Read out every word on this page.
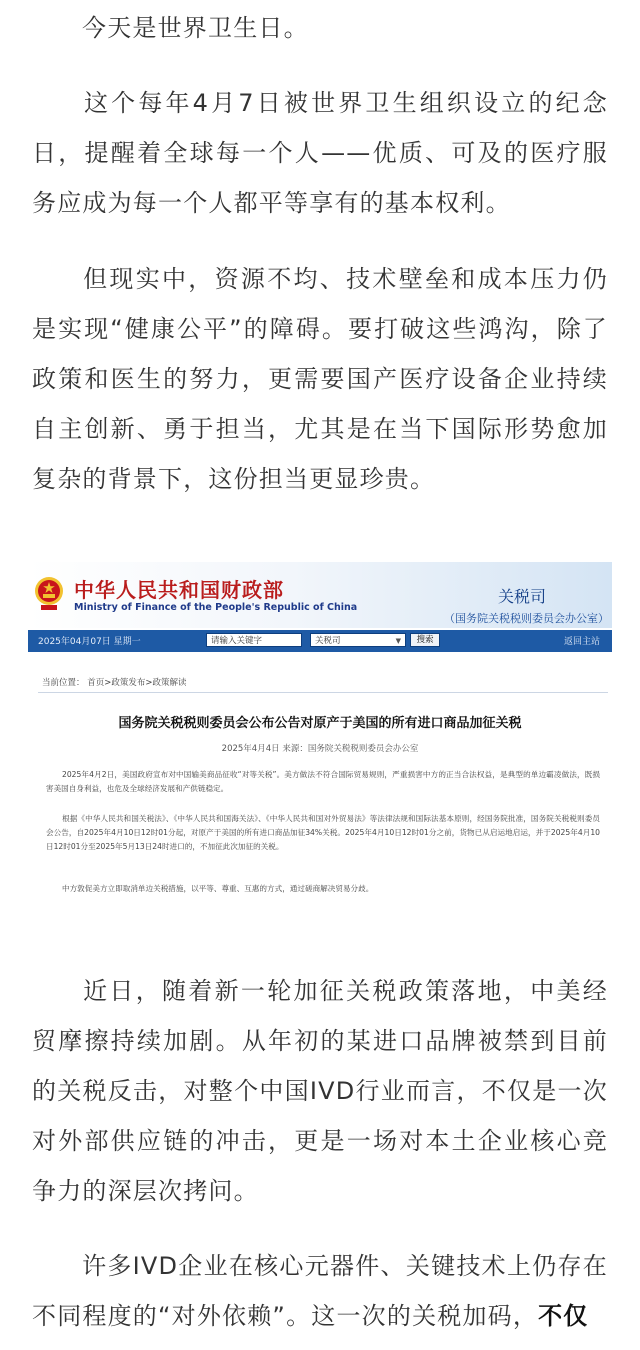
今天是世界卫生日。

这个每年4月7日被世界卫生组织设立的纪念日，提醒着全球每一个人——优质、可及的医疗服务应成为每一个人都平等享有的基本权利。

但现实中，资源不均、技术壁垒和成本压力仍是实现“健康公平”的障碍。要打破这些鸿沟，除了政策和医生的努力，更需要国产医疗设备企业持续自主创新、勇于担当，尤其是在当下国际形势愈加复杂的背景下，这份担当更显珍贵。

中华人民共和国财政部
Ministry of Finance of the People's Republic of China
关税司
（国务院关税税则委员会办公室）
2025年04月07日 星期一	请输入关键字	关税司	▼	搜索	返回主站
当前位置： 首页>政策发布>政策解读
国务院关税税则委员会公布公告对原产于美国的所有进口商品加征关税
2025年4月4日 来源：国务院关税税则委员会办公室

2025年4月2日，美国政府宣布对中国输美商品征收“对等关税”。美方做法不符合国际贸易规则，严重损害中方的正当合法权益，是典型的单边霸凌做法，既损害美国自身利益，也危及全球经济发展和产供链稳定。

根据《中华人民共和国关税法》、《中华人民共和国海关法》、《中华人民共和国对外贸易法》等法律法规和国际法基本原则，经国务院批准，国务院关税税则委员会公告，自2025年4月10日12时01分起，对原产于美国的所有进口商品加征34%关税。2025年4月10日12时01分之前，货物已从启运地启运，并于2025年4月10日12时01分至2025年5月13日24时进口的，不加征此次加征的关税。

中方敦促美方立即取消单边关税措施，以平等、尊重、互惠的方式，通过磋商解决贸易分歧。

近日，随着新一轮加征关税政策落地，中美经贸摩擦持续加剧。从年初的某进口品牌被禁到目前的关税反击，对整个中国IVD行业而言，不仅是一次对外部供应链的冲击，更是一场对本土企业核心竞争力的深层次拷问。

许多IVD企业在核心元器件、关键技术上仍存在不同程度的“对外依赖”。这一次的关税加码，不仅
